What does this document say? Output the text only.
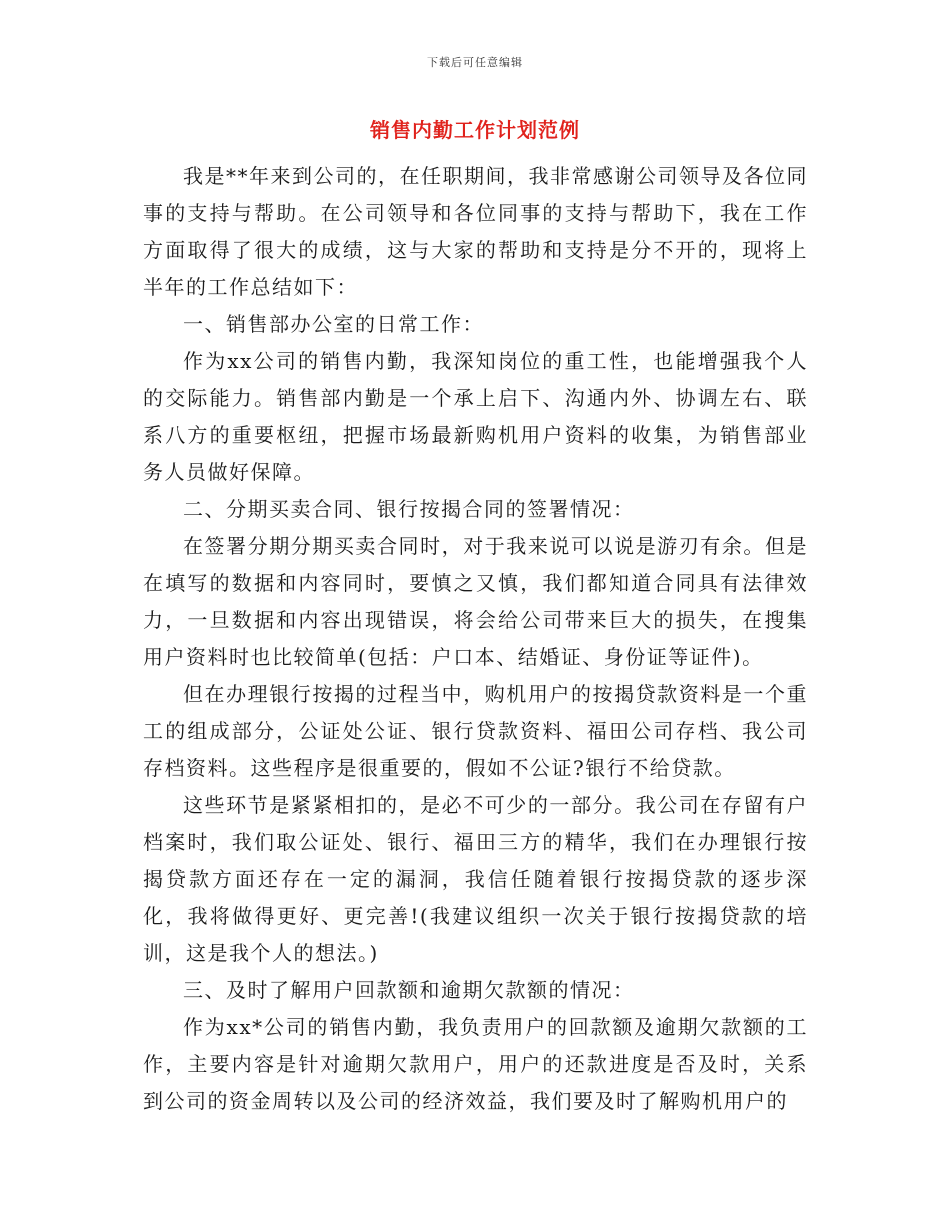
下载后可任意编辑
销售内勤工作计划范例

我是**年来到公司的，在任职期间，我非常感谢公司领导及各位同事的支持与帮助。在公司领导和各位同事的支持与帮助下，我在工作方面取得了很大的成绩，这与大家的帮助和支持是分不开的，现将上半年的工作总结如下：

一、销售部办公室的日常工作：

作为xx公司的销售内勤，我深知岗位的重工性，也能增强我个人的交际能力。销售部内勤是一个承上启下、沟通内外、协调左右、联系八方的重要枢纽，把握市场最新购机用户资料的收集，为销售部业务人员做好保障。

二、分期买卖合同、银行按揭合同的签署情况：

在签署分期分期买卖合同时，对于我来说可以说是游刃有余。但是在填写的数据和内容同时，要慎之又慎，我们都知道合同具有法律效力，一旦数据和内容出现错误，将会给公司带来巨大的损失，在搜集用户资料时也比较简单(包括：户口本、结婚证、身份证等证件)。

但在办理银行按揭的过程当中，购机用户的按揭贷款资料是一个重工的组成部分，公证处公证、银行贷款资料、福田公司存档、我公司存档资料。这些程序是很重要的，假如不公证?银行不给贷款。

这些环节是紧紧相扣的，是必不可少的一部分。我公司在存留有户档案时，我们取公证处、银行、福田三方的精华，我们在办理银行按揭贷款方面还存在一定的漏洞，我信任随着银行按揭贷款的逐步深化，我将做得更好、更完善!(我建议组织一次关于银行按揭贷款的培训，这是我个人的想法。)

三、及时了解用户回款额和逾期欠款额的情况：

作为xx*公司的销售内勤，我负责用户的回款额及逾期欠款额的工作，主要内容是针对逾期欠款用户，用户的还款进度是否及时，关系到公司的资金周转以及公司的经济效益，我们要及时了解购机用户的
